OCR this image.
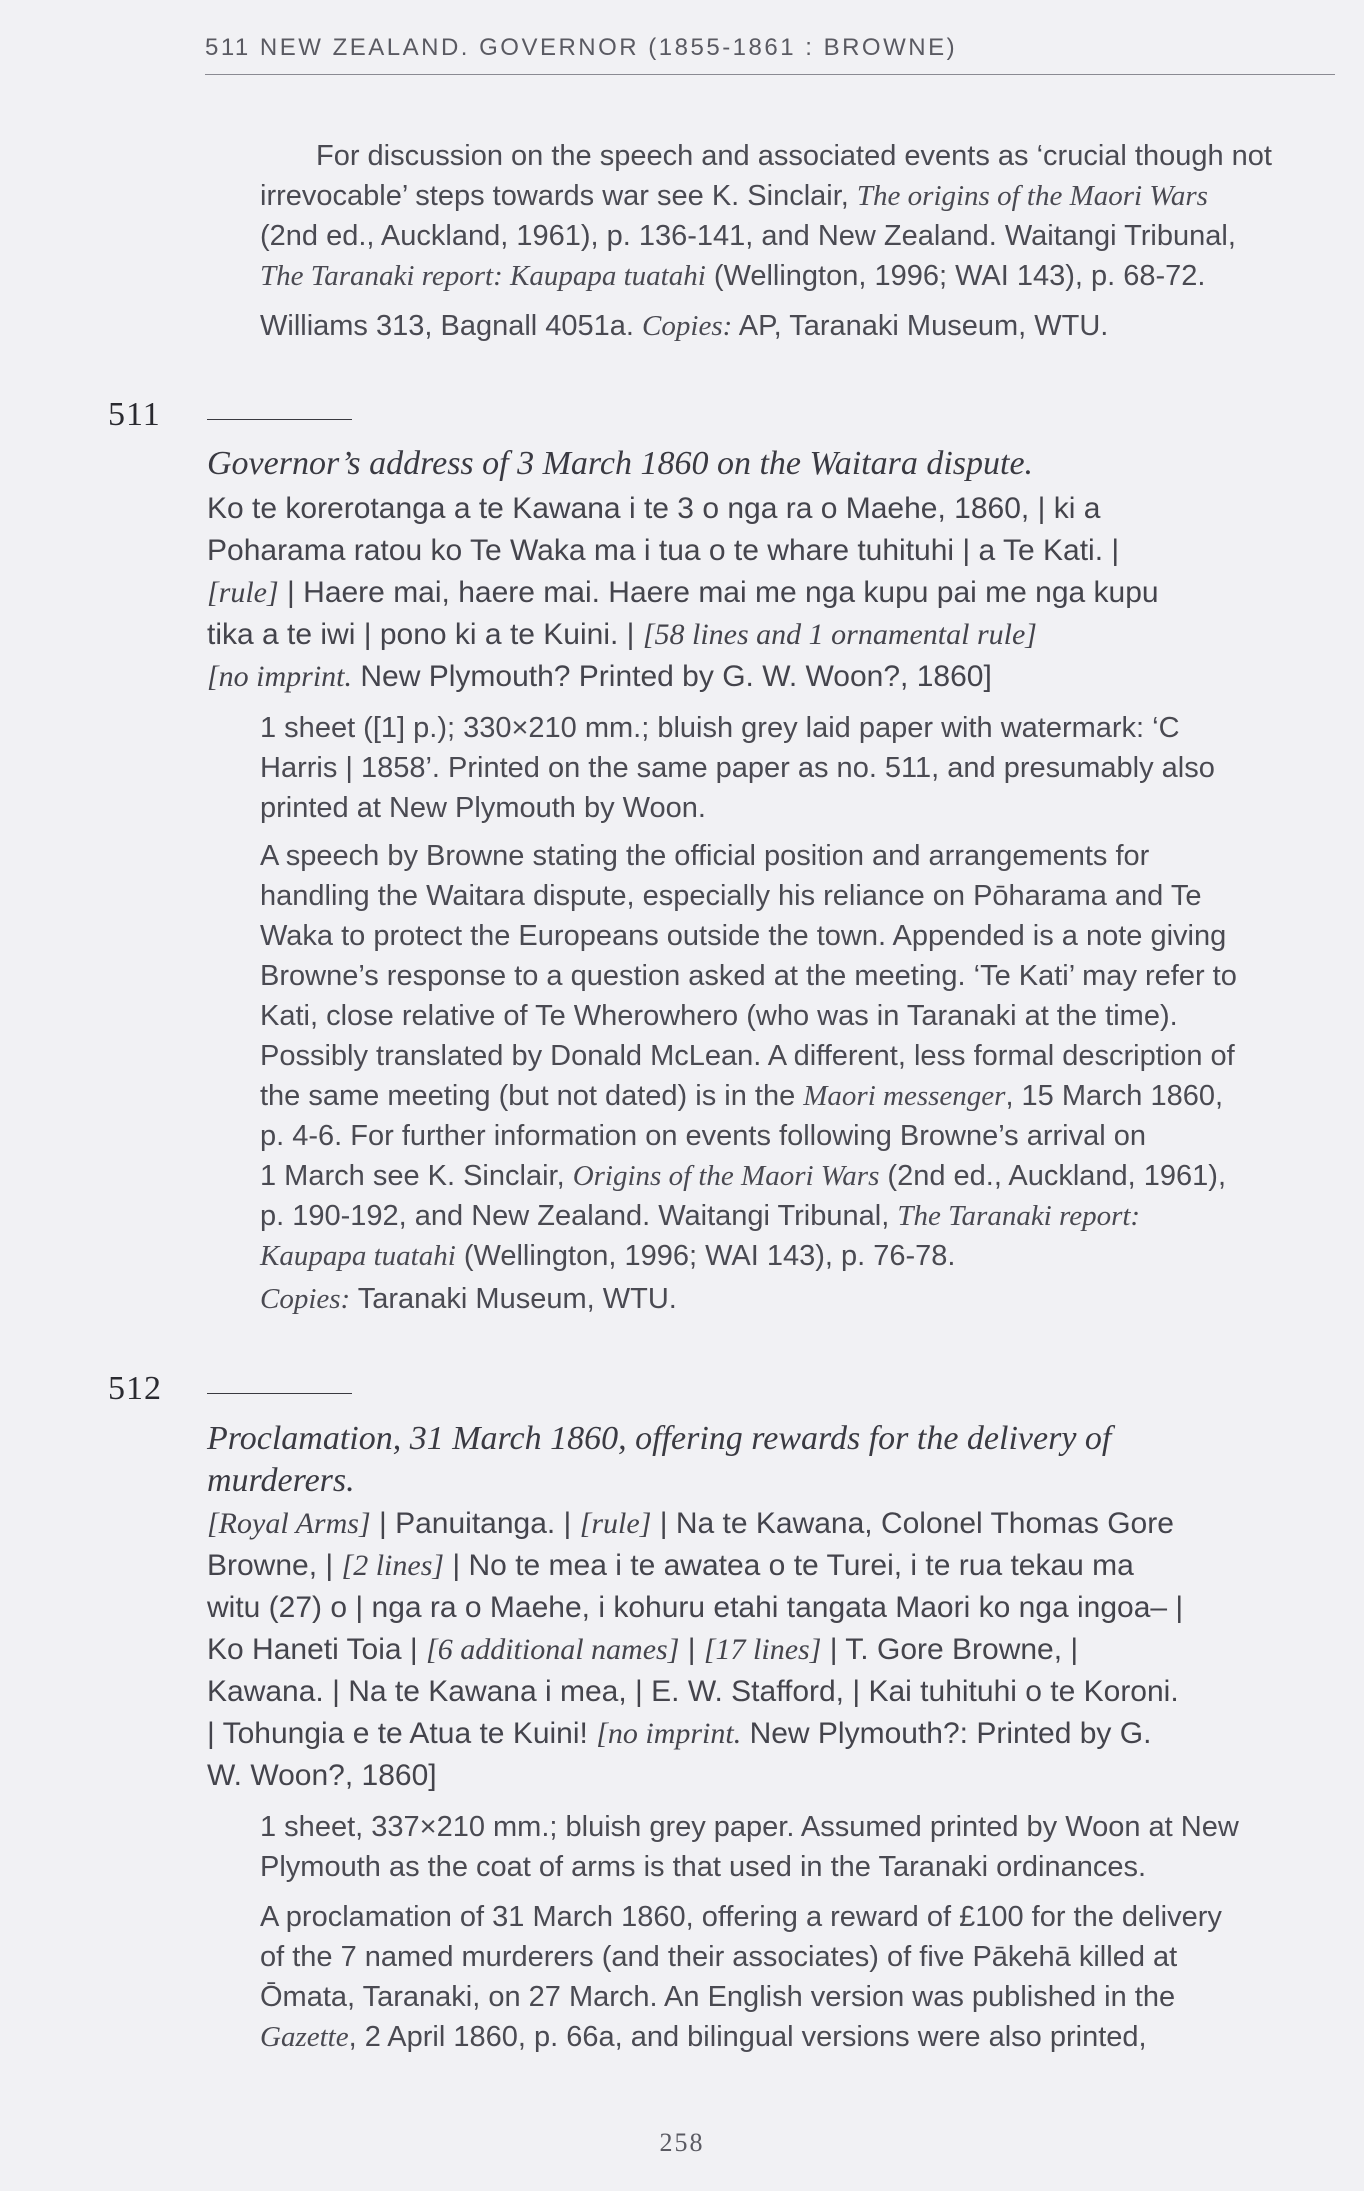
511 NEW ZEALAND. GOVERNOR (1855-1861 : BROWNE)
For discussion on the speech and associated events as ‘crucial though not
irrevocable’ steps towards war see K. Sinclair, The origins of the Maori Wars
(2nd ed., Auckland, 1961), p. 136-141, and New Zealand. Waitangi Tribunal,
The Taranaki report: Kaupapa tuatahi (Wellington, 1996; WAI 143), p. 68-72.
Williams 313, Bagnall 4051a. Copies: AP, Taranaki Museum, WTU.
511
Governor’s address of 3 March 1860 on the Waitara dispute.
Ko te korerotanga a te Kawana i te 3 o nga ra o Maehe, 1860, | ki a
Poharama ratou ko Te Waka ma i tua o te whare tuhituhi | a Te Kati. |
[rule] | Haere mai, haere mai. Haere mai me nga kupu pai me nga kupu
tika a te iwi | pono ki a te Kuini. | [58 lines and 1 ornamental rule]
[no imprint. New Plymouth? Printed by G. W. Woon?, 1860]
1 sheet ([1] p.); 330×210 mm.; bluish grey laid paper with watermark: ‘C
Harris | 1858’. Printed on the same paper as no. 511, and presumably also
printed at New Plymouth by Woon.
A speech by Browne stating the official position and arrangements for
handling the Waitara dispute, especially his reliance on Pōharama and Te
Waka to protect the Europeans outside the town. Appended is a note giving
Browne’s response to a question asked at the meeting. ‘Te Kati’ may refer to
Kati, close relative of Te Wherowhero (who was in Taranaki at the time).
Possibly translated by Donald McLean. A different, less formal description of
the same meeting (but not dated) is in the Maori messenger, 15 March 1860,
p. 4-6. For further information on events following Browne’s arrival on
1 March see K. Sinclair, Origins of the Maori Wars (2nd ed., Auckland, 1961),
p. 190-192, and New Zealand. Waitangi Tribunal, The Taranaki report:
Kaupapa tuatahi (Wellington, 1996; WAI 143), p. 76-78.
Copies: Taranaki Museum, WTU.
512
Proclamation, 31 March 1860, offering rewards for the delivery of
murderers.
[Royal Arms] | Panuitanga. | [rule] | Na te Kawana, Colonel Thomas Gore
Browne, | [2 lines] | No te mea i te awatea o te Turei, i te rua tekau ma
witu (27) o | nga ra o Maehe, i kohuru etahi tangata Maori ko nga ingoa– |
Ko Haneti Toia | [6 additional names] | [17 lines] | T. Gore Browne, |
Kawana. | Na te Kawana i mea, | E. W. Stafford, | Kai tuhituhi o te Koroni.
| Tohungia e te Atua te Kuini! [no imprint. New Plymouth?: Printed by G.
W. Woon?, 1860]
1 sheet, 337×210 mm.; bluish grey paper. Assumed printed by Woon at New
Plymouth as the coat of arms is that used in the Taranaki ordinances.
A proclamation of 31 March 1860, offering a reward of £100 for the delivery
of the 7 named murderers (and their associates) of five Pākehā killed at
Ōmata, Taranaki, on 27 March. An English version was published in the
Gazette, 2 April 1860, p. 66a, and bilingual versions were also printed,
258
